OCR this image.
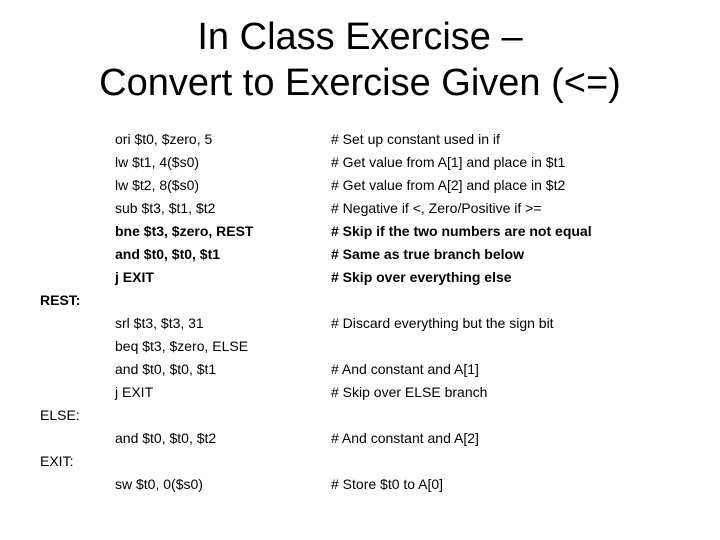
In Class Exercise –
Convert to Exercise Given (<=)
ori $t0, $zero, 5	# Set up constant used in if
lw $t1, 4($s0)	# Get value from A[1] and place in $t1
lw $t2, 8($s0)	# Get value from A[2] and place in $t2
sub $t3, $t1, $t2	# Negative if <, Zero/Positive if >=
bne $t3, $zero, REST	# Skip if the two numbers are not equal
and $t0, $t0, $t1	# Same as true branch below
j EXIT	# Skip over everything else
REST:
srl $t3, $t3, 31	# Discard everything but the sign bit
beq $t3, $zero, ELSE
and $t0, $t0, $t1	# And constant and A[1]
j EXIT	# Skip over ELSE branch
ELSE:
and $t0, $t0, $t2	# And constant and A[2]
EXIT:
sw $t0, 0($s0)	# Store $t0 to A[0]
